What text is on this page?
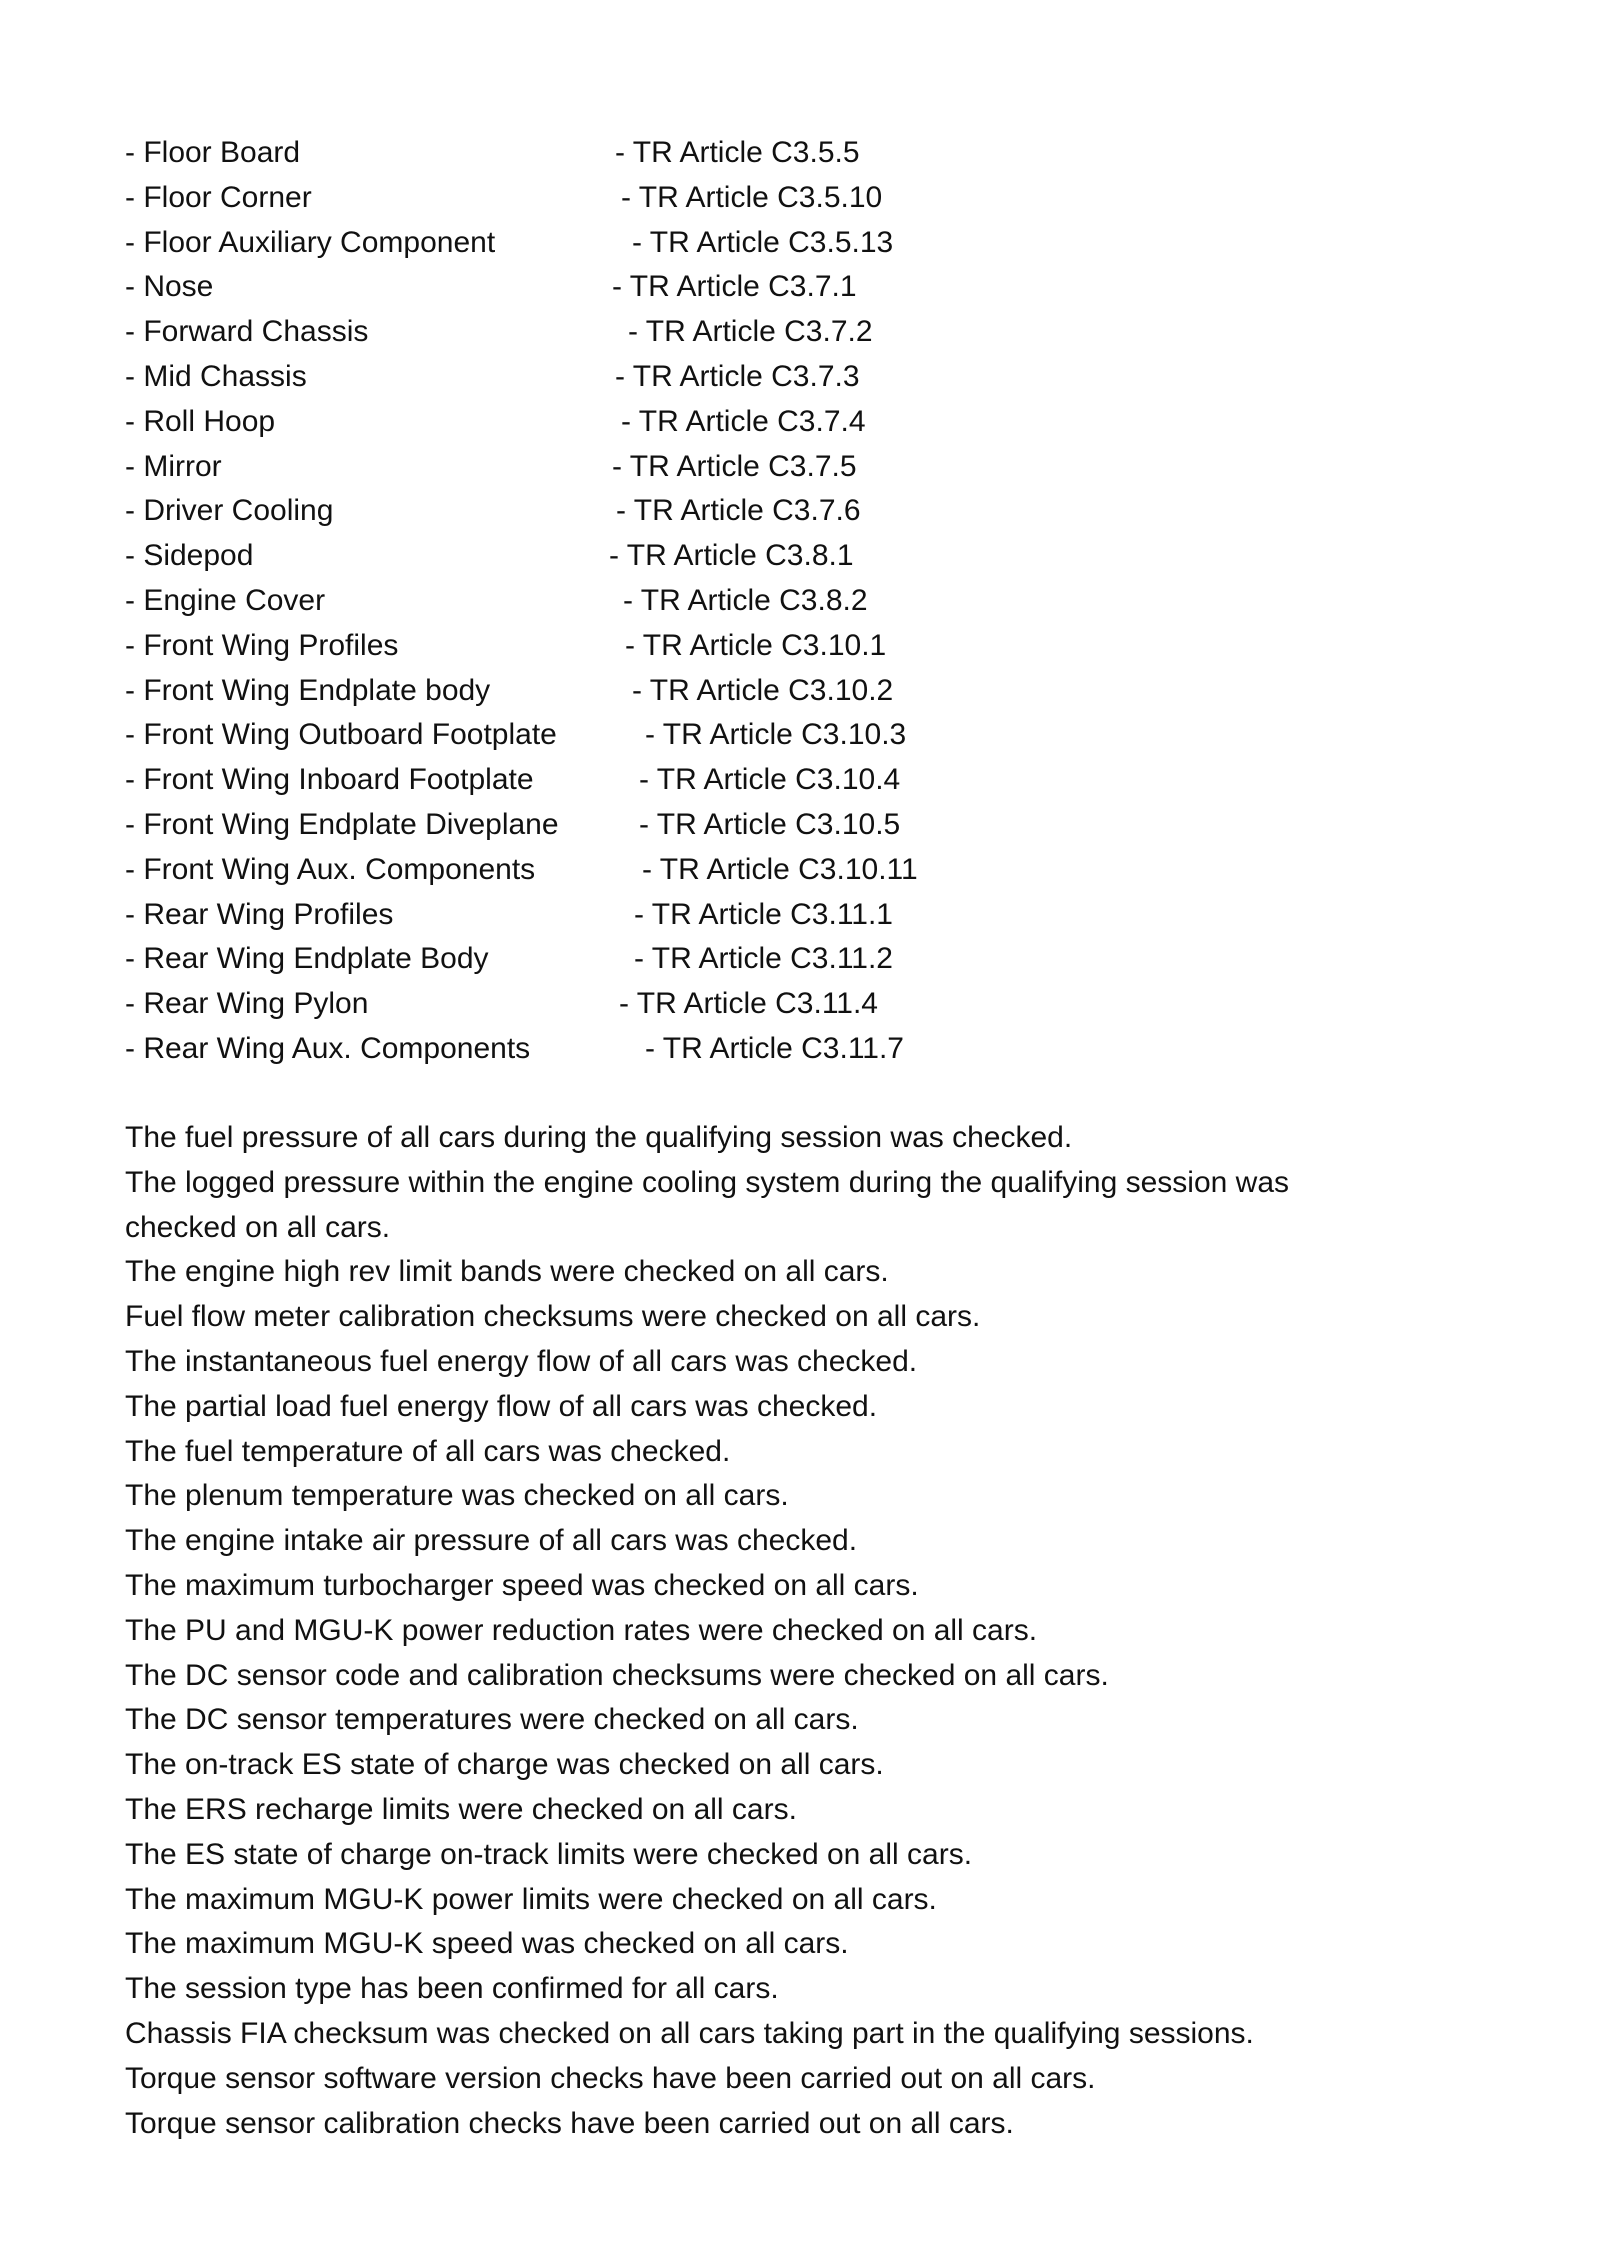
- Floor Board	- TR Article C3.5.5
- Floor Corner	- TR Article C3.5.10
- Floor Auxiliary Component	- TR Article C3.5.13
- Nose	- TR Article C3.7.1
- Forward Chassis	- TR Article C3.7.2
- Mid Chassis	- TR Article C3.7.3
- Roll Hoop	- TR Article C3.7.4
- Mirror	- TR Article C3.7.5
- Driver Cooling	- TR Article C3.7.6
- Sidepod	- TR Article C3.8.1
- Engine Cover	- TR Article C3.8.2
- Front Wing Profiles	- TR Article C3.10.1
- Front Wing Endplate body	- TR Article C3.10.2
- Front Wing Outboard Footplate	- TR Article C3.10.3
- Front Wing Inboard Footplate	- TR Article C3.10.4
- Front Wing Endplate Diveplane	- TR Article C3.10.5
- Front Wing Aux. Components	- TR Article C3.10.11
- Rear Wing Profiles	- TR Article C3.11.1
- Rear Wing Endplate Body	- TR Article C3.11.2
- Rear Wing Pylon	- TR Article C3.11.4
- Rear Wing Aux. Components	- TR Article C3.11.7
The fuel pressure of all cars during the qualifying session was checked.
The logged pressure within the engine cooling system during the qualifying session was
checked on all cars.
The engine high rev limit bands were checked on all cars.
Fuel flow meter calibration checksums were checked on all cars.
The instantaneous fuel energy flow of all cars was checked.
The partial load fuel energy flow of all cars was checked.
The fuel temperature of all cars was checked.
The plenum temperature was checked on all cars.
The engine intake air pressure of all cars was checked.
The maximum turbocharger speed was checked on all cars.
The PU and MGU-K power reduction rates were checked on all cars.
The DC sensor code and calibration checksums were checked on all cars.
The DC sensor temperatures were checked on all cars.
The on-track ES state of charge was checked on all cars.
The ERS recharge limits were checked on all cars.
The ES state of charge on-track limits were checked on all cars.
The maximum MGU-K power limits were checked on all cars.
The maximum MGU-K speed was checked on all cars.
The session type has been confirmed for all cars.
Chassis FIA checksum was checked on all cars taking part in the qualifying sessions.
Torque sensor software version checks have been carried out on all cars.
Torque sensor calibration checks have been carried out on all cars.
